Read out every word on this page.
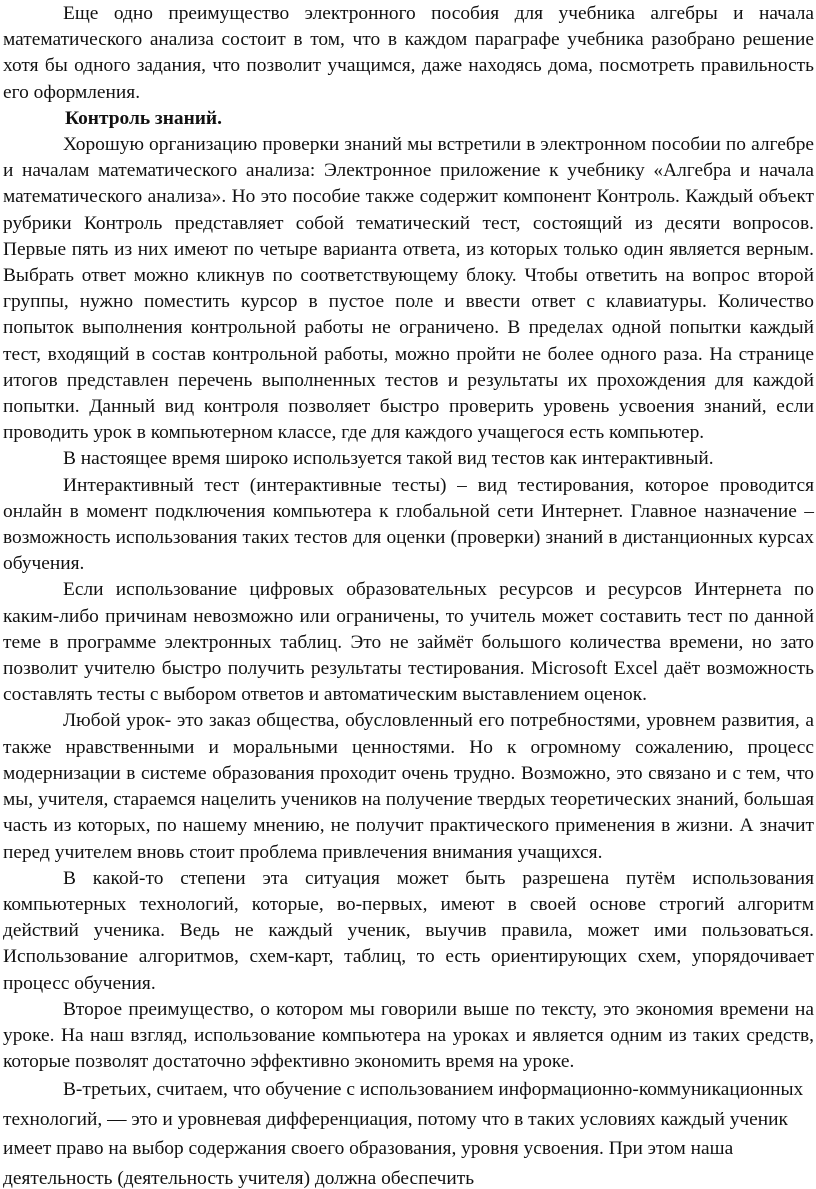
Еще одно преимущество электронного пособия для учебника алгебры и начала математического анализа состоит в том, что в каждом параграфе учебника разобрано решение хотя бы одного задания, что позволит учащимся, даже находясь дома, посмотреть правильность его оформления.

Контроль знаний.

Хорошую организацию проверки знаний мы встретили в электронном пособии по алгебре и началам математического анализа: Электронное приложение к учебнику «Алгебра и начала математического анализа». Но это пособие также содержит компонент Контроль. Каждый объект рубрики Контроль представляет собой тематический тест, состоящий из десяти вопросов. Первые пять из них имеют по четыре варианта ответа, из которых только один является верным. Выбрать ответ можно кликнув по соответствующему блоку. Чтобы ответить на вопрос второй группы, нужно поместить курсор в пустое поле и ввести ответ с клавиатуры. Количество попыток выполнения контрольной работы не ограничено. В пределах одной попытки каждый тест, входящий в состав контрольной работы, можно пройти не более одного раза. На странице итогов представлен перечень выполненных тестов и результаты их прохождения для каждой попытки. Данный вид контроля позволяет быстро проверить уровень усвоения знаний, если проводить урок в компьютерном классе, где для каждого учащегося есть компьютер.

В настоящее время широко используется такой вид тестов как интерактивный.

Интерактивный тест (интерактивные тесты) – вид тестирования, которое проводится онлайн в момент подключения компьютера к глобальной сети Интернет. Главное назначение – возможность использования таких тестов для оценки (проверки) знаний в дистанционных курсах обучения.

Если использование цифровых образовательных ресурсов и ресурсов Интернета по каким-либо причинам невозможно или ограничены, то учитель может составить тест по данной теме в программе электронных таблиц. Это не займёт большого количества времени, но зато позволит учителю быстро получить результаты тестирования. Microsoft Excel даёт возможность составлять тесты с выбором ответов и автоматическим выставлением оценок.

Любой урок- это заказ общества, обусловленный его потребностями, уровнем развития, а также нравственными и моральными ценностями. Но к огромному сожалению, процесс модернизации в системе образования проходит очень трудно. Возможно, это связано и с тем, что мы, учителя, стараемся нацелить учеников на получение твердых теоретических знаний, большая часть из которых, по нашему мнению, не получит практического применения в жизни. А значит перед учителем вновь стоит проблема привлечения внимания учащихся.

В какой-то степени эта ситуация может быть разрешена путём использования компьютерных технологий, которые, во-первых, имеют в своей основе строгий алгоритм действий ученика. Ведь не каждый ученик, выучив правила, может ими пользоваться. Использование алгоритмов, схем-карт, таблиц, то есть ориентирующих схем, упорядочивает процесс обучения.

Второе преимущество, о котором мы говорили выше по тексту, это экономия времени на уроке. На наш взгляд, использование компьютера на уроках и является одним из таких средств, которые позволят достаточно эффективно экономить время на уроке.

В-третьих, считаем, что обучение с использованием информационно-коммуникационных технологий, — это и уровневая дифференциация, потому что в таких условиях каждый ученик имеет право на выбор содержания своего образования, уровня усвоения. При этом наша деятельность (деятельность учителя) должна обеспечить
